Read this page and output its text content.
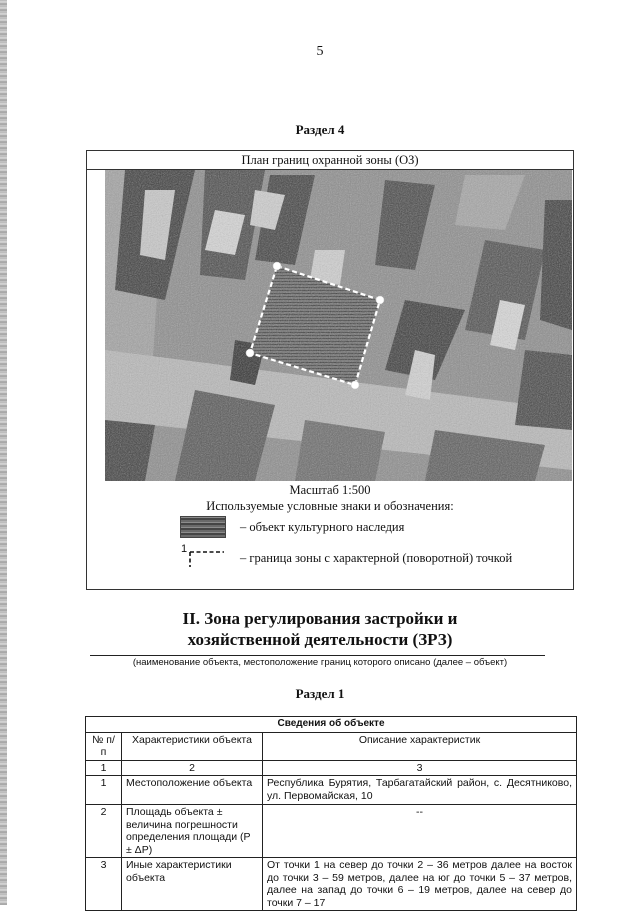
5
Раздел 4
План границ охранной зоны (ОЗ)
Масштаб 1:500
Используемые условные знаки и обозначения:
– объект культурного наследия
1
– граница зоны с характерной (поворотной) точкой
II. Зона регулирования застройки и
хозяйственной деятельности (ЗРЗ)
(наименование объекта, местоположение границ которого описано (далее – объект)
Раздел 1
Сведения об объекте		
№ п/п	Характеристики объекта	Описание характеристик
1	2	3
1	Местоположение объекта	Республика Бурятия, Тарбагатайский район, с. Десятниково, ул. Первомайская, 10
2	Площадь объекта ± величина погрешности определения площади (P ± ΔP)	--
3	Иные характеристики объекта	От точки 1 на север до точки 2 – 36 метров далее на восток до точки 3 – 59 метров, далее на юг до точки 5 – 37 метров, далее на запад до точки 6 – 19 метров, далее на север до точки 7 – 17
